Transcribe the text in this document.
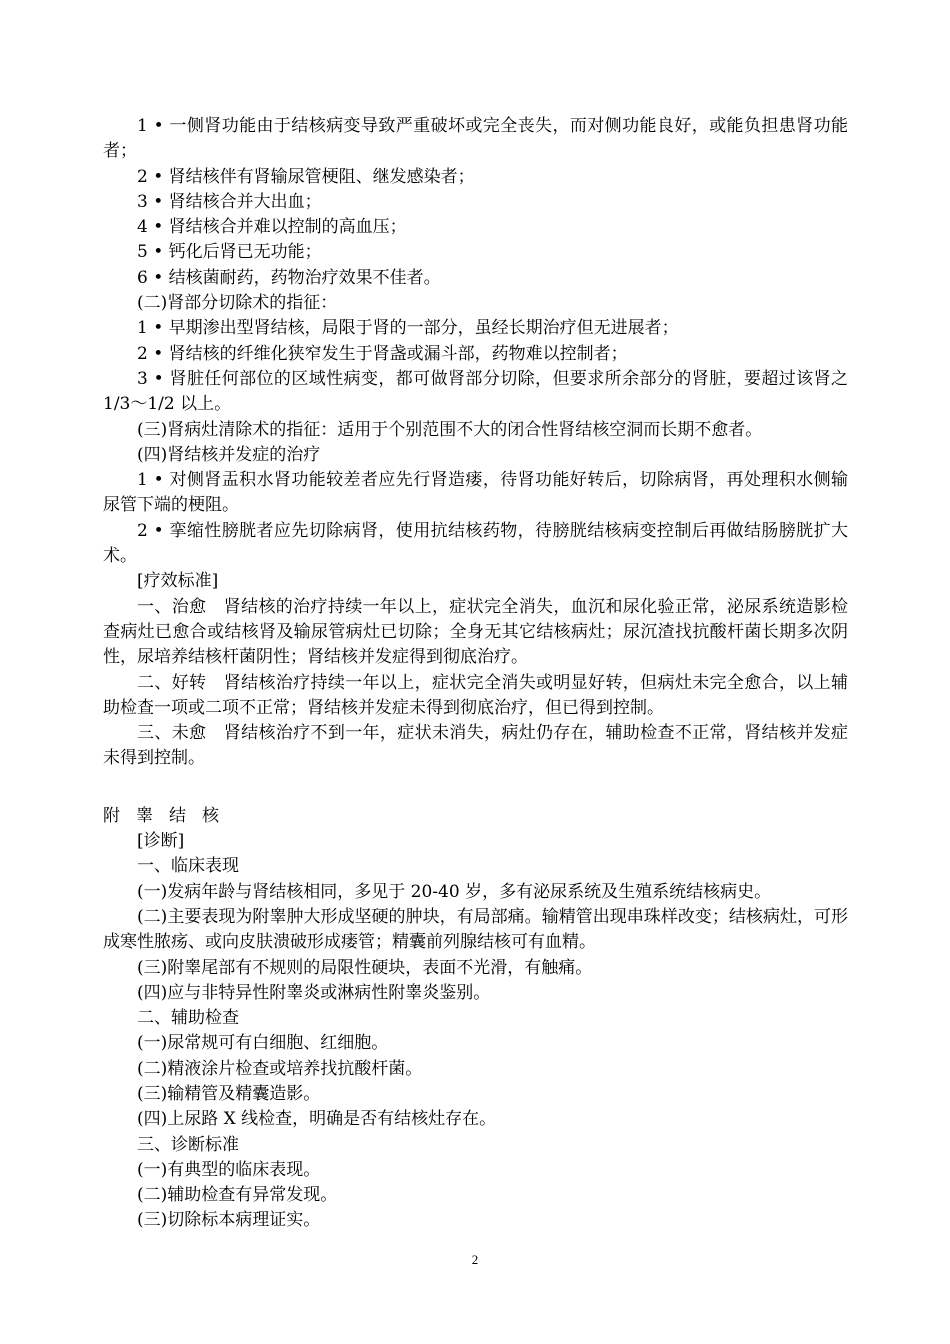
1 • 一侧肾功能由于结核病变导致严重破坏或完全丧失，而对侧功能良好，或能负担患肾功能者；

2 • 肾结核伴有肾输尿管梗阻、继发感染者；

3 • 肾结核合并大出血；

4 • 肾结核合并难以控制的高血压；

5 • 钙化后肾已无功能；

6 • 结核菌耐药，药物治疗效果不佳者。

(二)肾部分切除术的指征：

1 • 早期渗出型肾结核，局限于肾的一部分，虽经长期治疗但无进展者；

2 • 肾结核的纤维化狭窄发生于肾盏或漏斗部，药物难以控制者；

3 • 肾脏任何部位的区域性病变，都可做肾部分切除，但要求所余部分的肾脏，要超过该肾之 1/3～1/2 以上。

(三)肾病灶清除术的指征：适用于个别范围不大的闭合性肾结核空洞而长期不愈者。

(四)肾结核并发症的治疗

1 • 对侧肾盂积水肾功能较差者应先行肾造瘘，待肾功能好转后，切除病肾，再处理积水侧输尿管下端的梗阻。

2 • 挛缩性膀胱者应先切除病肾，使用抗结核药物，待膀胱结核病变控制后再做结肠膀胱扩大术。

[疗效标准]

一、治愈　肾结核的治疗持续一年以上，症状完全消失，血沉和尿化验正常，泌尿系统造影检查病灶已愈合或结核肾及输尿管病灶已切除；全身无其它结核病灶；尿沉渣找抗酸杆菌长期多次阴性，尿培养结核杆菌阴性；肾结核并发症得到彻底治疗。

二、好转　肾结核治疗持续一年以上，症状完全消失或明显好转，但病灶未完全愈合，以上辅助检查一项或二项不正常；肾结核并发症未得到彻底治疗，但已得到控制。

三、未愈　肾结核治疗不到一年，症状未消失，病灶仍存在，辅助检查不正常，肾结核并发症未得到控制。

附睾结核

[诊断]

一、临床表现

(一)发病年龄与肾结核相同，多见于 20-40 岁，多有泌尿系统及生殖系统结核病史。

(二)主要表现为附睾肿大形成坚硬的肿块，有局部痛。输精管出现串珠样改变；结核病灶，可形成寒性脓疡、或向皮肤溃破形成瘘管；精囊前列腺结核可有血精。

(三)附睾尾部有不规则的局限性硬块，表面不光滑，有触痛。

(四)应与非特异性附睾炎或淋病性附睾炎鉴别。

二、辅助检查

(一)尿常规可有白细胞、红细胞。

(二)精液涂片检查或培养找抗酸杆菌。

(三)输精管及精囊造影。

(四)上尿路 X 线检查，明确是否有结核灶存在。

三、诊断标准

(一)有典型的临床表现。

(二)辅助检查有异常发现。

(三)切除标本病理证实。

2
